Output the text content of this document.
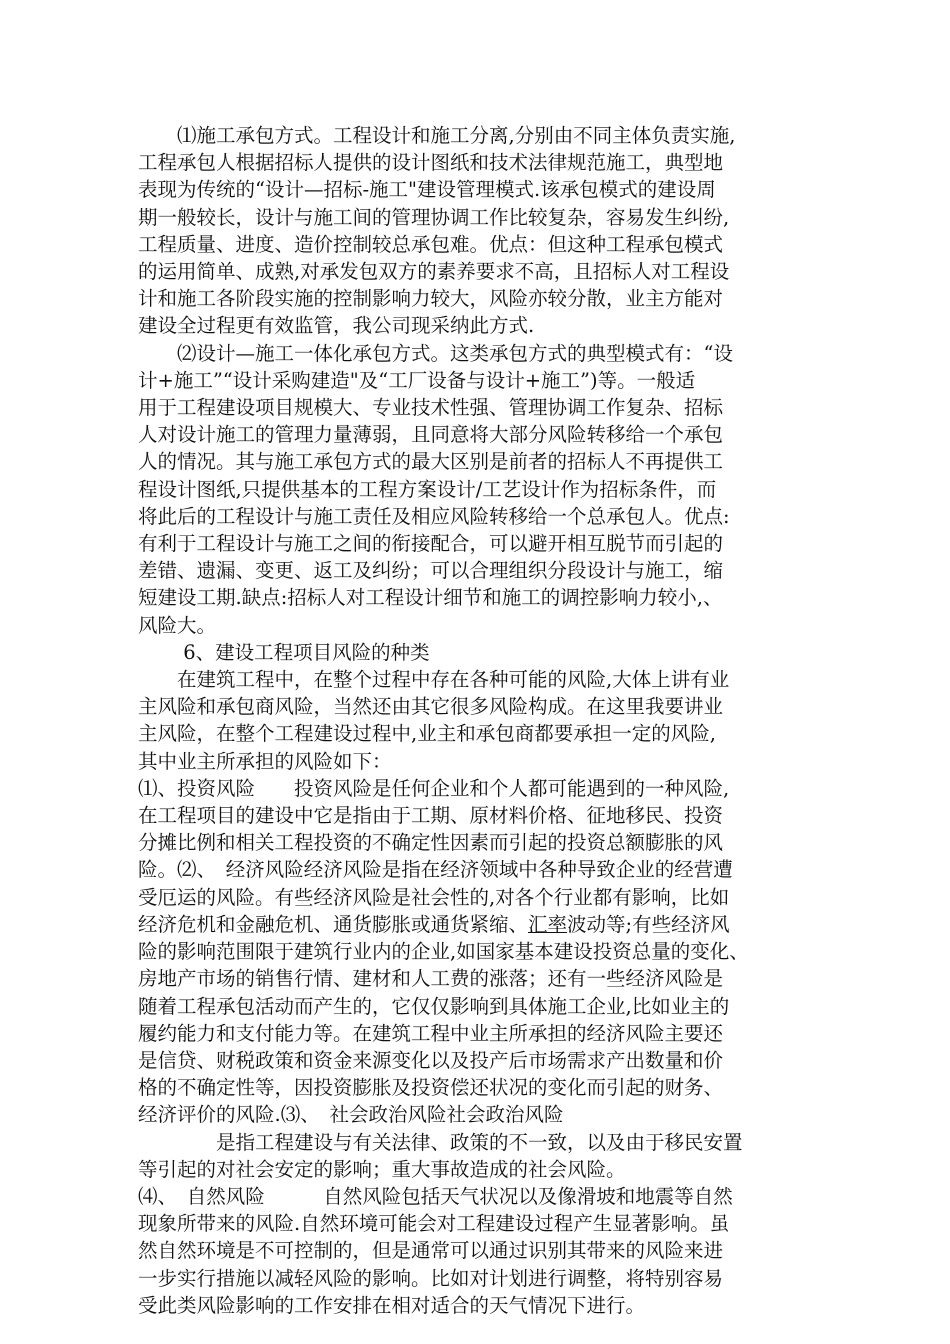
　　⑴施工承包方式。工程设计和施工分离,分别由不同主体负责实施,
工程承包人根据招标人提供的设计图纸和技术法律规范施工，典型地
表现为传统的“设计—招标-施工"建设管理模式.该承包模式的建设周
期一般较长，设计与施工间的管理协调工作比较复杂，容易发生纠纷,
工程质量、进度、造价控制较总承包难。优点：但这种工程承包模式
的运用简单、成熟,对承发包双方的素养要求不高，且招标人对工程设
计和施工各阶段实施的控制影响力较大，风险亦较分散，业主方能对
建设全过程更有效监管，我公司现采纳此方式.
　　⑵设计—施工一体化承包方式。这类承包方式的典型模式有：“设
计+施工”“设计采购建造"及“工厂设备与设计+施工”)等。一般适
用于工程建设项目规模大、专业技术性强、管理协调工作复杂、招标
人对设计施工的管理力量薄弱，且同意将大部分风险转移给一个承包
人的情况。其与施工承包方式的最大区别是前者的招标人不再提供工
程设计图纸,只提供基本的工程方案设计/工艺设计作为招标条件，而
将此后的工程设计与施工责任及相应风险转移给一个总承包人。优点:
有利于工程设计与施工之间的衔接配合，可以避开相互脱节而引起的
差错、遗漏、变更、返工及纠纷；可以合理组织分段设计与施工，缩
短建设工期.缺点:招标人对工程设计细节和施工的调控影响力较小,、
风险大。
　　 6、建设工程项目风险的种类
　　在建筑工程中，在整个过程中存在各种可能的风险,大体上讲有业
主风险和承包商风险，当然还由其它很多风险构成。在这里我要讲业
主风险，在整个工程建设过程中,业主和承包商都要承担一定的风险,
其中业主所承担的风险如下：
⑴、投资风险　　投资风险是任何企业和个人都可能遇到的一种风险,
在工程项目的建设中它是指由于工期、原材料价格、征地移民、投资
分摊比例和相关工程投资的不确定性因素而引起的投资总额膨胀的风
险。⑵、　经济风险经济风险是指在经济领域中各种导致企业的经营遭
受厄运的风险。有些经济风险是社会性的,对各个行业都有影响，比如
经济危机和金融危机、通货膨胀或通货紧缩、汇率波动等;有些经济风
险的影响范围限于建筑行业内的企业,如国家基本建设投资总量的变化、
房地产市场的销售行情、建材和人工费的涨落；还有一些经济风险是
随着工程承包活动而产生的，它仅仅影响到具体施工企业,比如业主的
履约能力和支付能力等。在建筑工程中业主所承担的经济风险主要还
是信贷、财税政策和资金来源变化以及投产后市场需求产出数量和价
格的不确定性等，因投资膨胀及投资偿还状况的变化而引起的财务、
经济评价的风险.⑶、　社会政治风险社会政治风险
　　　　是指工程建设与有关法律、政策的不一致，以及由于移民安置
等引起的对社会安定的影响；重大事故造成的社会风险。
⑷、　自然风险　　　自然风险包括天气状况以及像滑坡和地震等自然
现象所带来的风险.自然环境可能会对工程建设过程产生显著影响。虽
然自然环境是不可控制的，但是通常可以通过识别其带来的风险来进
一步实行措施以减轻风险的影响。比如对计划进行调整，将特别容易
受此类风险影响的工作安排在相对适合的天气情况下进行。
